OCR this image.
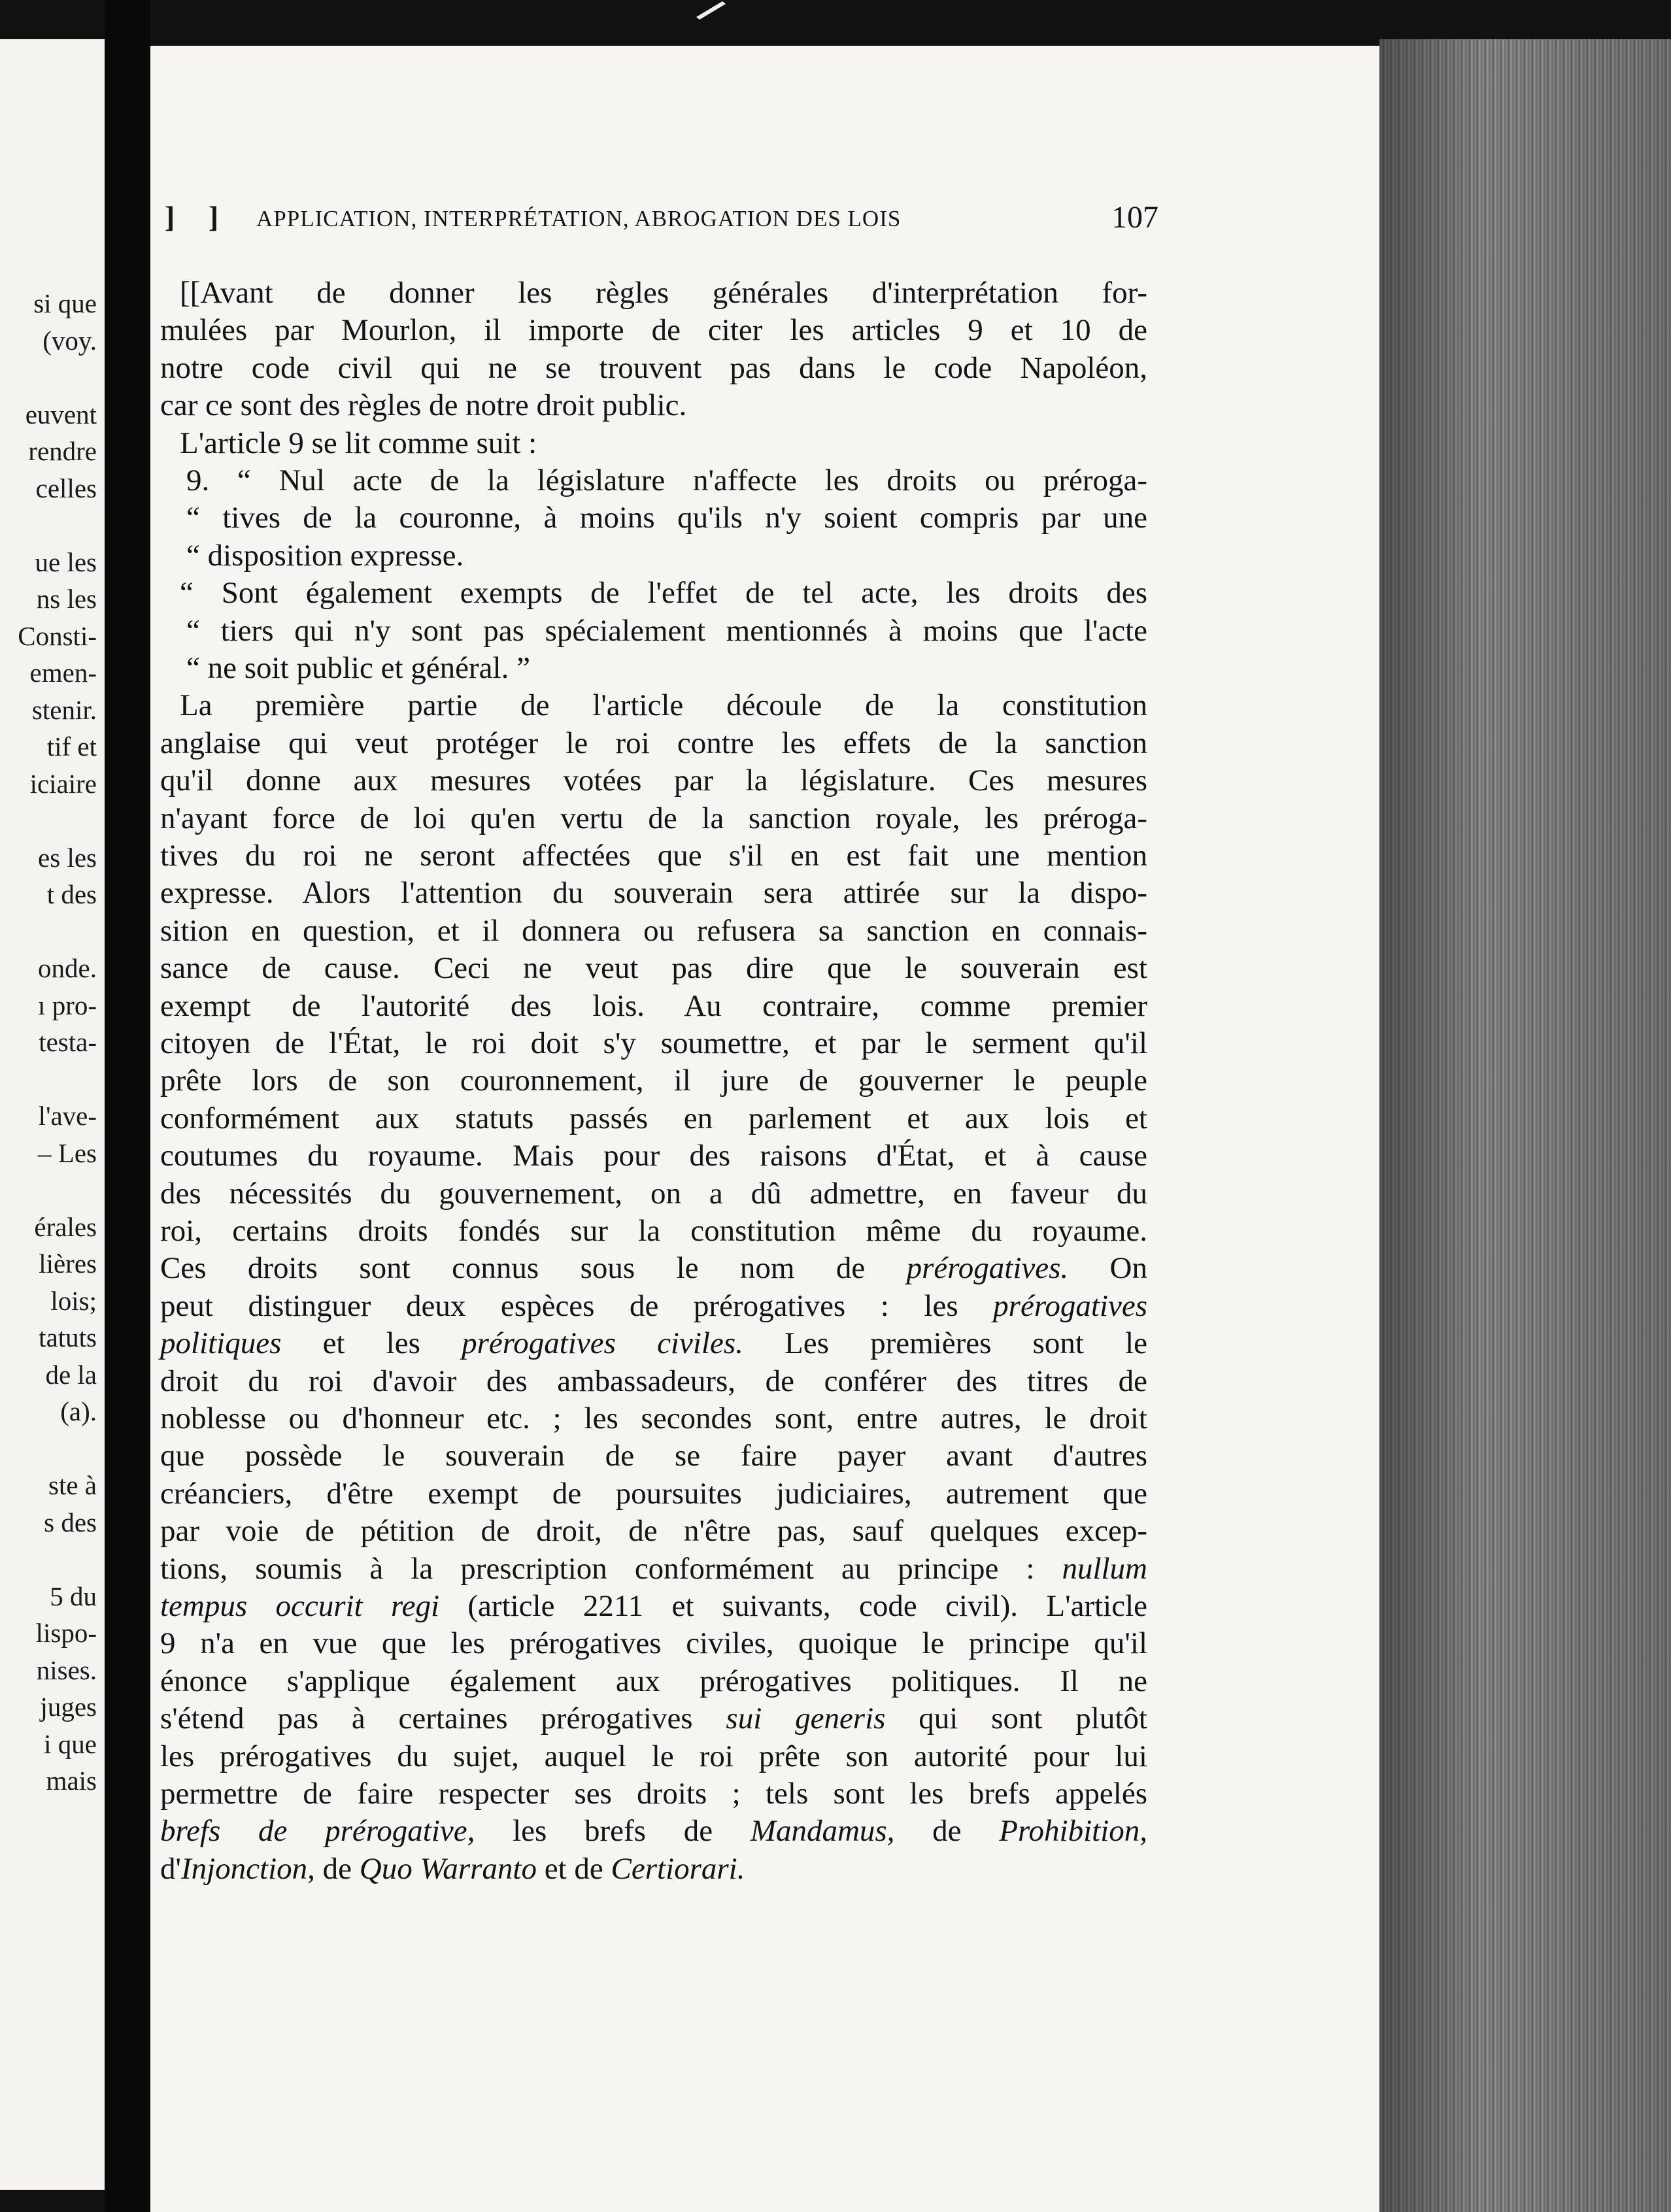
si que
(voy.
euvent
rendre
celles
ue les
ns les
Consti-
emen-
stenir.
tif et
iciaire
es les
t des
onde.
ı pro-
testa-
l'ave-
– Les
érales
lières
lois;
tatuts
de la
(a).
ste à
s des
5 du
lispo-
nises.
juges
i que
mais
] ] APPLICATION, INTERPRÉTATION, ABROGATION DES LOIS	107
[[Avant de donner les règles générales d'interprétation for-
mulées par Mourlon, il importe de citer les articles 9 et 10 de
notre code civil qui ne se trouvent pas dans le code Napoléon,
car ce sont des règles de notre droit public.
L'article 9 se lit comme suit :
9. “ Nul acte de la législature n'affecte les droits ou préroga-
“ tives de la couronne, à moins qu'ils n'y soient compris par une
“ disposition expresse.
“ Sont également exempts de l'effet de tel acte, les droits des
“ tiers qui n'y sont pas spécialement mentionnés à moins que l'acte
“ ne soit public et général. ”
La première partie de l'article découle de la constitution
anglaise qui veut protéger le roi contre les effets de la sanction
qu'il donne aux mesures votées par la législature. Ces mesures
n'ayant force de loi qu'en vertu de la sanction royale, les préroga-
tives du roi ne seront affectées que s'il en est fait une mention
expresse. Alors l'attention du souverain sera attirée sur la dispo-
sition en question, et il donnera ou refusera sa sanction en connais-
sance de cause. Ceci ne veut pas dire que le souverain est
exempt de l'autorité des lois. Au contraire, comme premier
citoyen de l'État, le roi doit s'y soumettre, et par le serment qu'il
prête lors de son couronnement, il jure de gouverner le peuple
conformément aux statuts passés en parlement et aux lois et
coutumes du royaume. Mais pour des raisons d'État, et à cause
des nécessités du gouvernement, on a dû admettre, en faveur du
roi, certains droits fondés sur la constitution même du royaume.
Ces droits sont connus sous le nom de prérogatives. On
peut distinguer deux espèces de prérogatives : les prérogatives
politiques et les prérogatives civiles. Les premières sont le
droit du roi d'avoir des ambassadeurs, de conférer des titres de
noblesse ou d'honneur etc. ; les secondes sont, entre autres, le droit
que possède le souverain de se faire payer avant d'autres
créanciers, d'être exempt de poursuites judiciaires, autrement que
par voie de pétition de droit, de n'être pas, sauf quelques excep-
tions, soumis à la prescription conformément au principe : nullum
tempus occurit regi (article 2211 et suivants, code civil). L'article
9 n'a en vue que les prérogatives civiles, quoique le principe qu'il
énonce s'applique également aux prérogatives politiques. Il ne
s'étend pas à certaines prérogatives sui generis qui sont plutôt
les prérogatives du sujet, auquel le roi prête son autorité pour lui
permettre de faire respecter ses droits ; tels sont les brefs appelés
brefs de prérogative, les brefs de Mandamus, de Prohibition,
d'Injonction, de Quo Warranto et de Certiorari.
